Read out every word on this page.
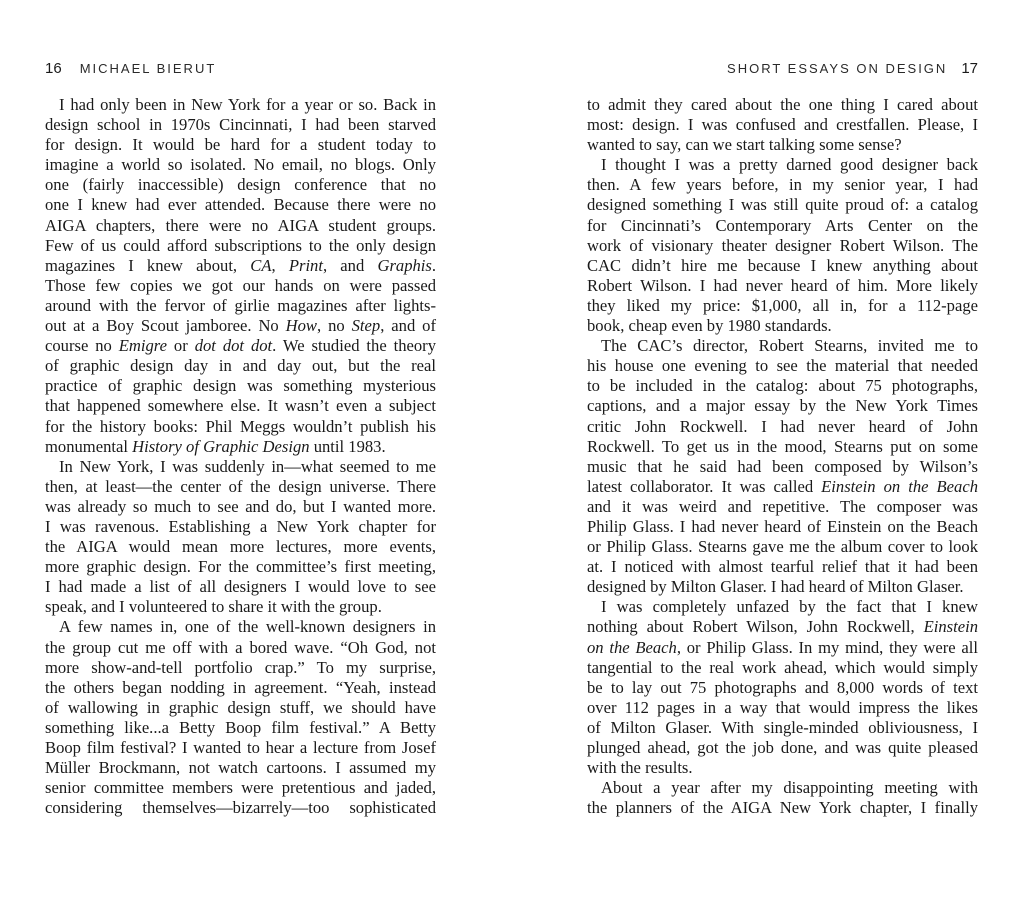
16 MICHAEL BIERUT	SHORT ESSAYS ON DESIGN 17
I had only been in New York for a year or so. Back in
design school in 1970s Cincinnati, I had been starved
for design. It would be hard for a student today to
imagine a world so isolated. No email, no blogs. Only
one (fairly inaccessible) design conference that no
one I knew had ever attended. Because there were no
AIGA chapters, there were no AIGA student groups.
Few of us could afford subscriptions to the only design
magazines I knew about, CA, Print, and Graphis.
Those few copies we got our hands on were passed
around with the fervor of girlie magazines after lights-
out at a Boy Scout jamboree. No How, no Step, and of
course no Emigre or dot dot dot. We studied the theory
of graphic design day in and day out, but the real
practice of graphic design was something mysterious
that happened somewhere else. It wasn’t even a subject
for the history books: Phil Meggs wouldn’t publish his
monumental History of Graphic Design until 1983.
In New York, I was suddenly in—what seemed to me
then, at least—the center of the design universe. There
was already so much to see and do, but I wanted more.
I was ravenous. Establishing a New York chapter for
the AIGA would mean more lectures, more events,
more graphic design. For the committee’s first meeting,
I had made a list of all designers I would love to see
speak, and I volunteered to share it with the group.
A few names in, one of the well-known designers in
the group cut me off with a bored wave. “Oh God, not
more show-and-tell portfolio crap.” To my surprise,
the others began nodding in agreement. “Yeah, instead
of wallowing in graphic design stuff, we should have
something like...a Betty Boop film festival.” A Betty
Boop film festival? I wanted to hear a lecture from Josef
Müller Brockmann, not watch cartoons. I assumed my
senior committee members were pretentious and jaded,
considering themselves—bizarrely—too sophisticated
to admit they cared about the one thing I cared about
most: design. I was confused and crestfallen. Please, I
wanted to say, can we start talking some sense?
I thought I was a pretty darned good designer back
then. A few years before, in my senior year, I had
designed something I was still quite proud of: a catalog
for Cincinnati’s Contemporary Arts Center on the
work of visionary theater designer Robert Wilson. The
CAC didn’t hire me because I knew anything about
Robert Wilson. I had never heard of him. More likely
they liked my price: $1,000, all in, for a 112-page
book, cheap even by 1980 standards.
The CAC’s director, Robert Stearns, invited me to
his house one evening to see the material that needed
to be included in the catalog: about 75 photographs,
captions, and a major essay by the New York Times
critic John Rockwell. I had never heard of John
Rockwell. To get us in the mood, Stearns put on some
music that he said had been composed by Wilson’s
latest collaborator. It was called Einstein on the Beach
and it was weird and repetitive. The composer was
Philip Glass. I had never heard of Einstein on the Beach
or Philip Glass. Stearns gave me the album cover to look
at. I noticed with almost tearful relief that it had been
designed by Milton Glaser. I had heard of Milton Glaser.
I was completely unfazed by the fact that I knew
nothing about Robert Wilson, John Rockwell, Einstein
on the Beach, or Philip Glass. In my mind, they were all
tangential to the real work ahead, which would simply
be to lay out 75 photographs and 8,000 words of text
over 112 pages in a way that would impress the likes
of Milton Glaser. With single-minded obliviousness, I
plunged ahead, got the job done, and was quite pleased
with the results.
About a year after my disappointing meeting with
the planners of the AIGA New York chapter, I finally
